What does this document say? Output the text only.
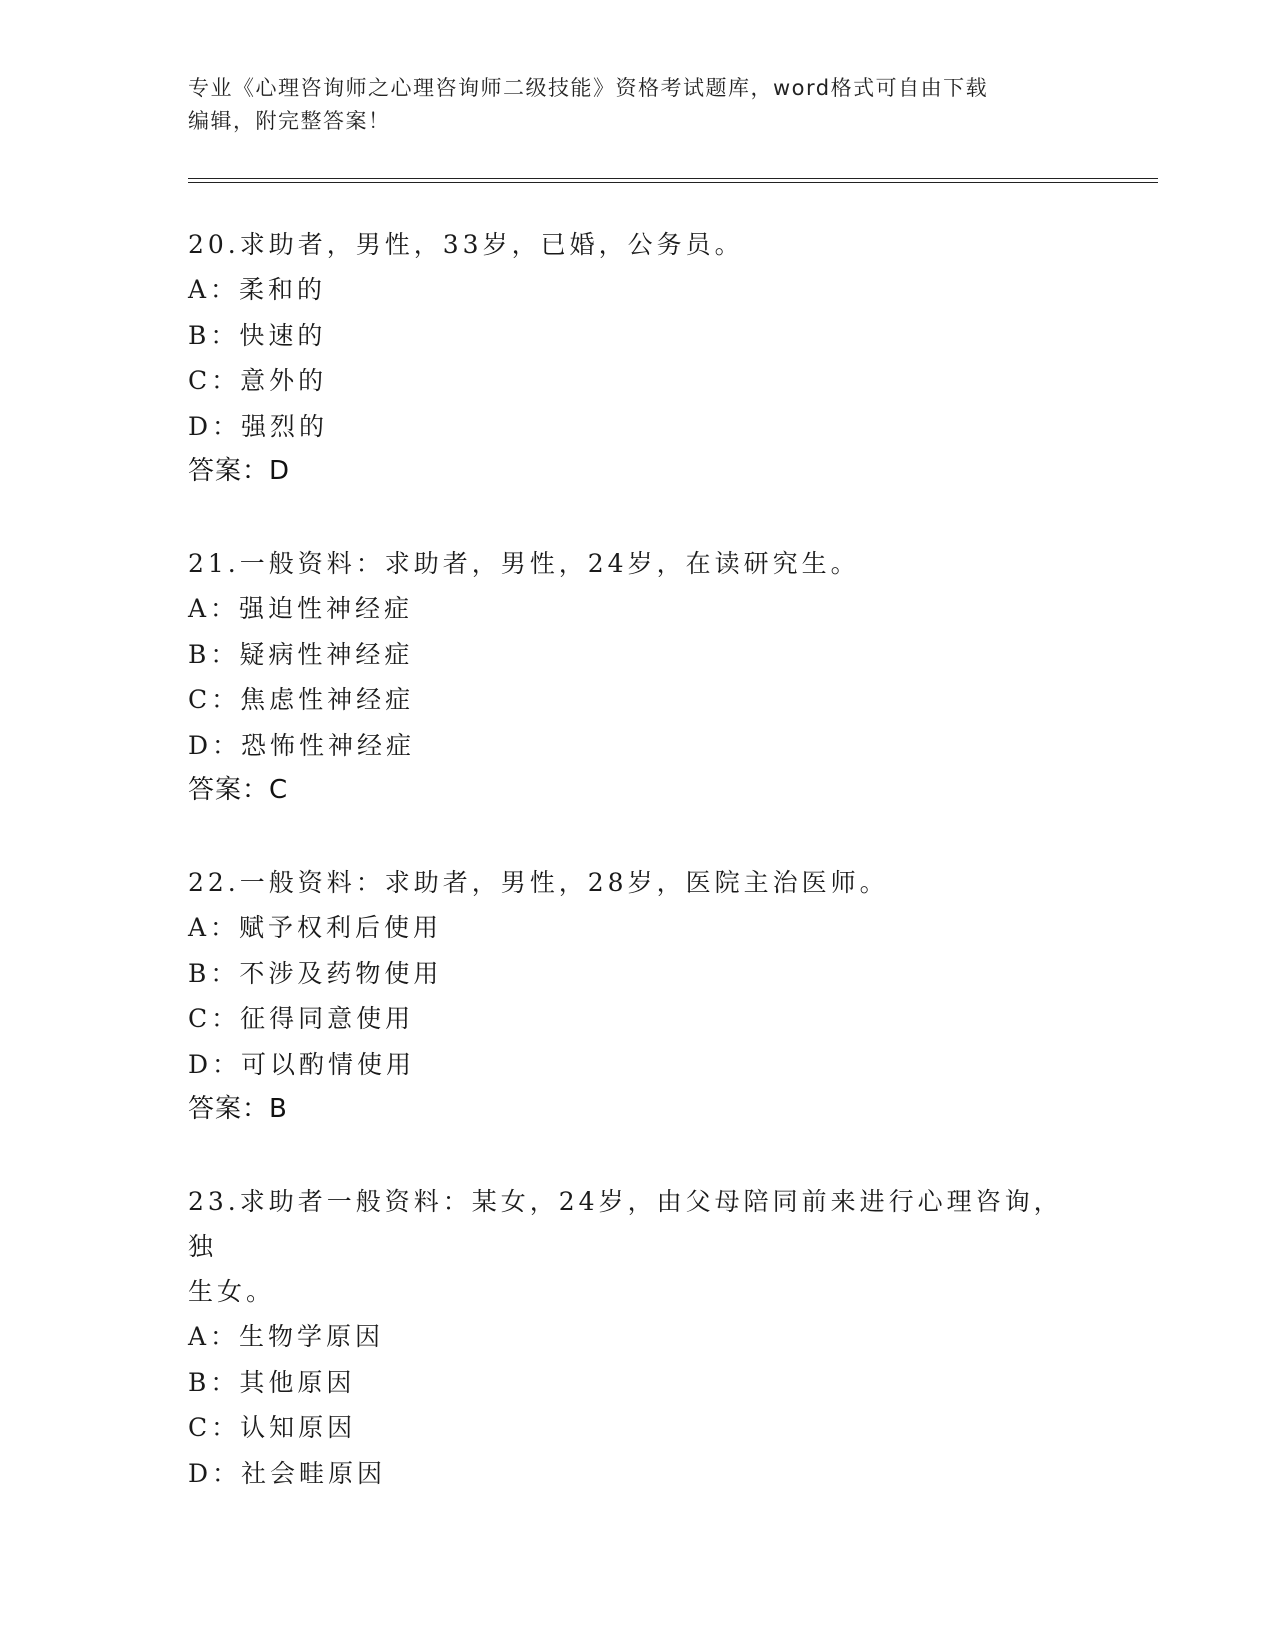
专业《心理咨询师之心理咨询师二级技能》资格考试题库，word格式可自由下载
编辑，附完整答案！
20.求助者，男性，33岁，已婚，公务员。
A：柔和的
B：快速的
C：意外的
D：强烈的
答案：D
21.一般资料：求助者，男性，24岁，在读研究生。
A：强迫性神经症
B：疑病性神经症
C：焦虑性神经症
D：恐怖性神经症
答案：C
22.一般资料：求助者，男性，28岁，医院主治医师。
A：赋予权利后使用
B：不涉及药物使用
C：征得同意使用
D：可以酌情使用
答案：B
23.求助者一般资料：某女，24岁，由父母陪同前来进行心理咨询，独
生女。
A：生物学原因
B：其他原因
C：认知原因
D：社会畦原因
